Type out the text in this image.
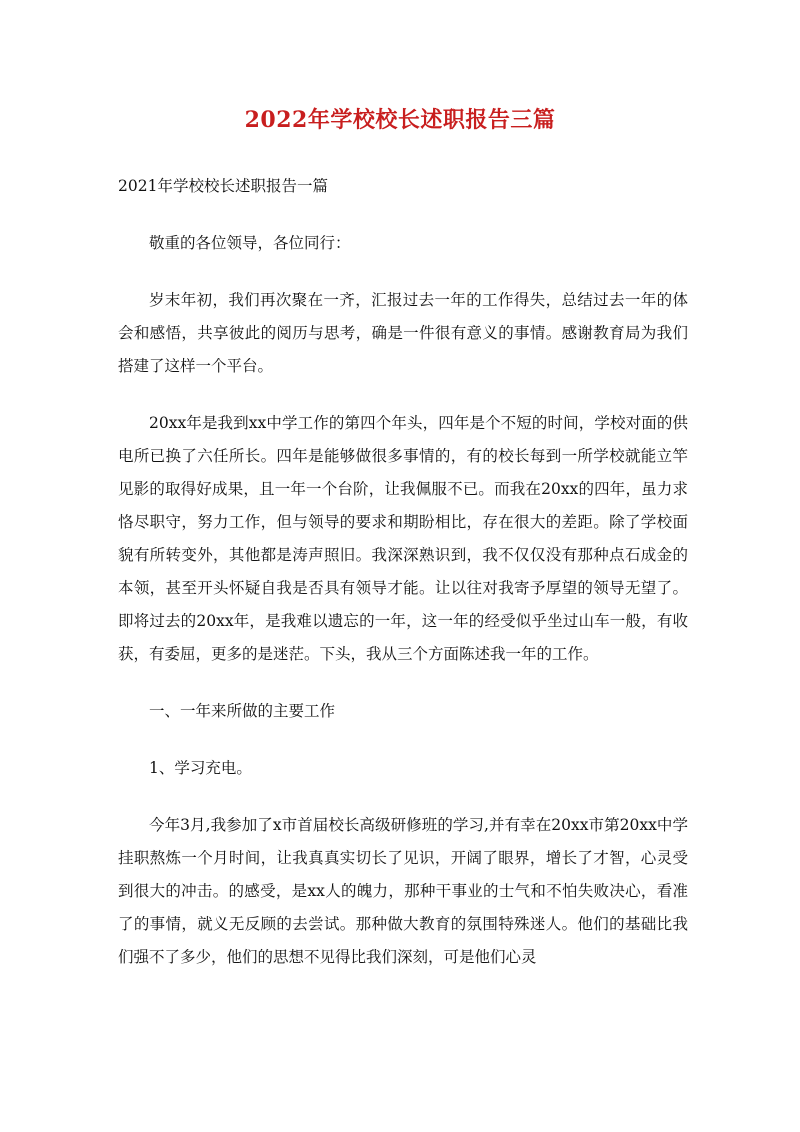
2022年学校校长述职报告三篇

2021年学校校长述职报告一篇

敬重的各位领导，各位同行：

岁末年初，我们再次聚在一齐，汇报过去一年的工作得失，总结过去一年的体会和感悟，共享彼此的阅历与思考，确是一件很有意义的事情。感谢教育局为我们搭建了这样一个平台。

20xx年是我到xx中学工作的第四个年头，四年是个不短的时间，学校对面的供电所已换了六任所长。四年是能够做很多事情的，有的校长每到一所学校就能立竿见影的取得好成果，且一年一个台阶，让我佩服不已。而我在20xx的四年，虽力求恪尽职守，努力工作，但与领导的要求和期盼相比，存在很大的差距。除了学校面貌有所转变外，其他都是涛声照旧。我深深熟识到，我不仅仅没有那种点石成金的本领，甚至开头怀疑自我是否具有领导才能。让以往对我寄予厚望的领导无望了。即将过去的20xx年，是我难以遗忘的一年，这一年的经受似乎坐过山车一般，有收获，有委屈，更多的是迷茫。下头，我从三个方面陈述我一年的工作。

一、一年来所做的主要工作

1、学习充电。

今年3月,我参加了x市首届校长高级研修班的学习,并有幸在20xx市第20xx中学挂职熬炼一个月时间，让我真真实切长了见识，开阔了眼界，增长了才智，心灵受到很大的冲击。的感受，是xx人的魄力，那种干事业的士气和不怕失败决心，看准了的事情，就义无反顾的去尝试。那种做大教育的氛围特殊迷人。他们的基础比我们强不了多少，他们的思想不见得比我们深刻，可是他们心灵
